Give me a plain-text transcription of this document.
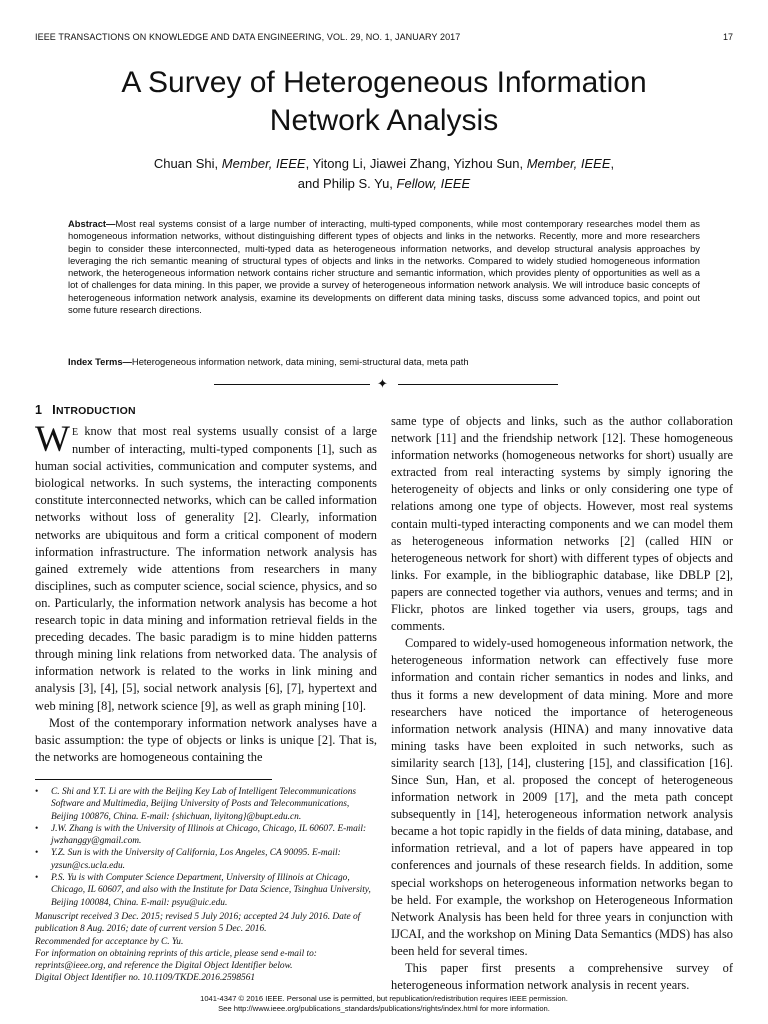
IEEE TRANSACTIONS ON KNOWLEDGE AND DATA ENGINEERING, VOL. 29, NO. 1, JANUARY 2017	17
A Survey of Heterogeneous Information Network Analysis
Chuan Shi, Member, IEEE, Yitong Li, Jiawei Zhang, Yizhou Sun, Member, IEEE,
and Philip S. Yu, Fellow, IEEE
Abstract—Most real systems consist of a large number of interacting, multi-typed components, while most contemporary researches model them as homogeneous information networks, without distinguishing different types of objects and links in the networks. Recently, more and more researchers begin to consider these interconnected, multi-typed data as heterogeneous information networks, and develop structural analysis approaches by leveraging the rich semantic meaning of structural types of objects and links in the networks. Compared to widely studied homogeneous information network, the heterogeneous information network contains richer structure and semantic information, which provides plenty of opportunities as well as a lot of challenges for data mining. In this paper, we provide a survey of heterogeneous information network analysis. We will introduce basic concepts of heterogeneous information network analysis, examine its developments on different data mining tasks, discuss some advanced topics, and point out some future research directions.
Index Terms—Heterogeneous information network, data mining, semi-structural data, meta path
✦
1 INTRODUCTION

W E know that most real systems usually consist of a large number of interacting, multi-typed components [1], such as human social activities, communication and computer systems, and biological networks. In such systems, the interacting components constitute interconnected networks, which can be called information networks without loss of generality [2]. Clearly, information networks are ubiquitous and form a critical component of modern information infrastructure. The information network analysis has gained extremely wide attentions from researchers in many disciplines, such as computer science, social science, physics, and so on. Particularly, the information network analysis has become a hot research topic in data mining and information retrieval fields in the preceding decades. The basic paradigm is to mine hidden patterns through mining link relations from networked data. The analysis of information network is related to the works in link mining and analysis [3], [4], [5], social network analysis [6], [7], hypertext and web mining [8], network science [9], as well as graph mining [10].

Most of the contemporary information network analyses have a basic assumption: the type of objects or links is unique [2]. That is, the networks are homogeneous containing the

• C. Shi and Y.T. Li are with the Beijing Key Lab of Intelligent Telecommunications Software and Multimedia, Beijing University of Posts and Telecommunications, Beijing 100876, China. E-mail: {shichuan, liyitong}@bupt.edu.cn.
• J.W. Zhang is with the University of Illinois at Chicago, Chicago, IL 60607. E-mail: jwzhanggy@gmail.com.
• Y.Z. Sun is with the University of California, Los Angeles, CA 90095. E-mail: yzsun@cs.ucla.edu.
• P.S. Yu is with Computer Science Department, University of Illinois at Chicago, Chicago, IL 60607, and also with the Institute for Data Science, Tsinghua University, Beijing 100084, China. E-mail: psyu@uic.edu.
Manuscript received 3 Dec. 2015; revised 5 July 2016; accepted 24 July 2016. Date of publication 8 Aug. 2016; date of current version 5 Dec. 2016.
Recommended for acceptance by C. Yu.
For information on obtaining reprints of this article, please send e-mail to: reprints@ieee.org, and reference the Digital Object Identifier below.
Digital Object Identifier no. 10.1109/TKDE.2016.2598561

same type of objects and links, such as the author collaboration network [11] and the friendship network [12]. These homogeneous information networks (homogeneous networks for short) usually are extracted from real interacting systems by simply ignoring the heterogeneity of objects and links or only considering one type of relations among one type of objects. However, most real systems contain multi-typed interacting components and we can model them as heterogeneous information networks [2] (called HIN or heterogeneous network for short) with different types of objects and links. For example, in the bibliographic database, like DBLP [2], papers are connected together via authors, venues and terms; and in Flickr, photos are linked together via users, groups, tags and comments.

Compared to widely-used homogeneous information network, the heterogeneous information network can effectively fuse more information and contain richer semantics in nodes and links, and thus it forms a new development of data mining. More and more researchers have noticed the importance of heterogeneous information network analysis (HINA) and many innovative data mining tasks have been exploited in such networks, such as similarity search [13], [14], clustering [15], and classification [16]. Since Sun, Han, et al. proposed the concept of heterogeneous information network in 2009 [17], and the meta path concept subsequently in [14], heterogeneous information network analysis became a hot topic rapidly in the fields of data mining, database, and information retrieval, and a lot of papers have appeared in top conferences and journals of these research fields. In addition, some special workshops on heterogeneous information networks began to be held. For example, the workshop on Heterogeneous Information Network Analysis has been held for three years in conjunction with IJCAI, and the workshop on Mining Data Semantics (MDS) has also been held for several times.

This paper first presents a comprehensive survey of heterogeneous information network analysis in recent years.

1041-4347 © 2016 IEEE. Personal use is permitted, but republication/redistribution requires IEEE permission.
See http://www.ieee.org/publications_standards/publications/rights/index.html for more information.
